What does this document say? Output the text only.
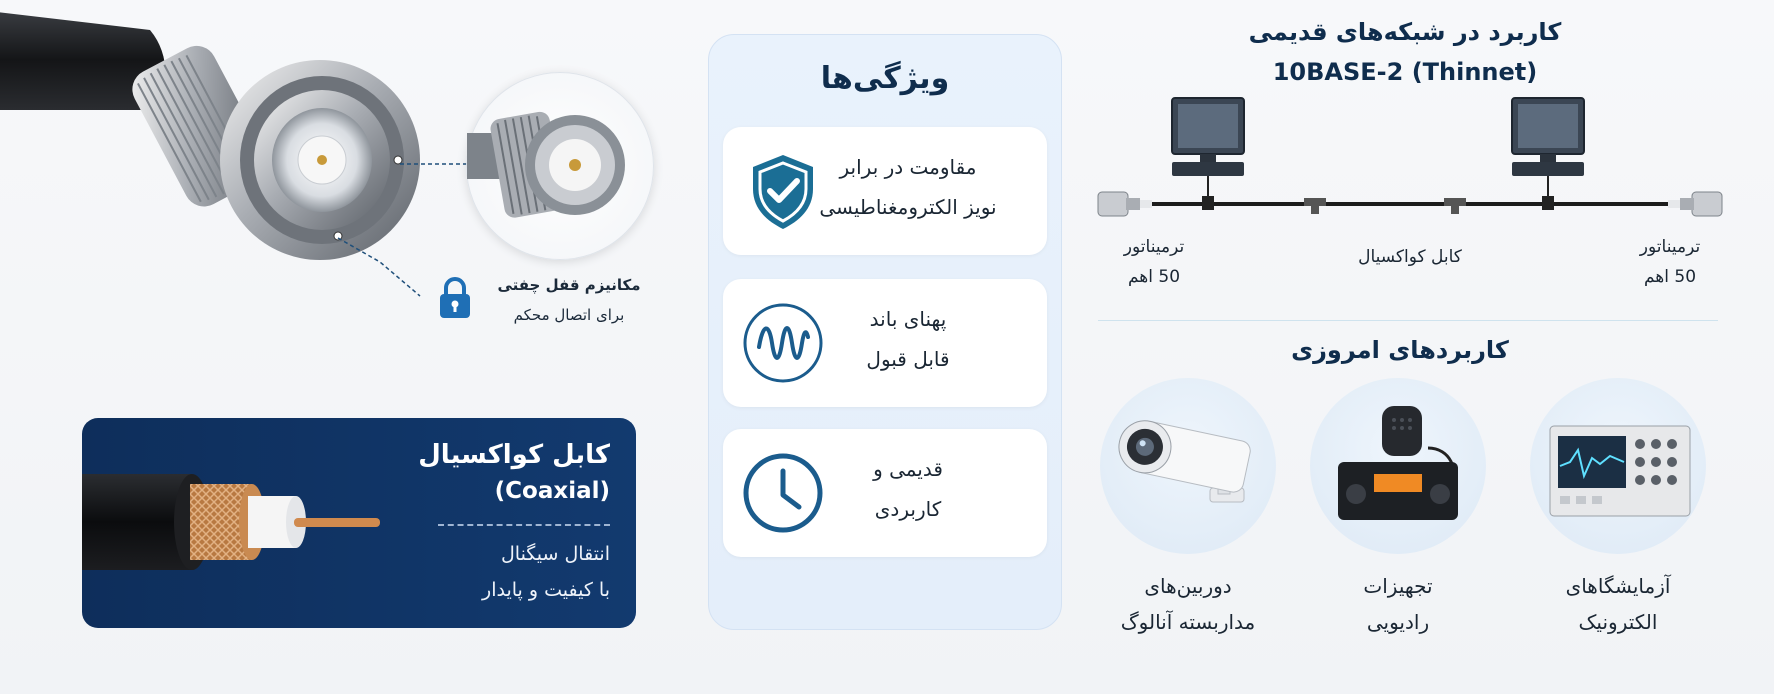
مکانیزم قفل چفتی
برای اتصال محکم
کابل کواکسیال
(Coaxial)
انتقال سیگنال
با کیفیت و پایدار
ویژگی‌ها
مقاومت در برابر
نویز الکترومغناطیسی
پهنای باند
قابل قبول
قدیمی و
کاربردی
کاربرد در شبکه‌های قدیمی
10BASE-2 (Thinnet)
ترمیناتور
50 اهم
کابل کواکسیال	ترمیناتور
50 اهم
کاربردهای امروزی
دوربین‌های
مداربسته آنالوگ
تجهیزات
رادیویی
آزمایشگاهای
الکترونیک
